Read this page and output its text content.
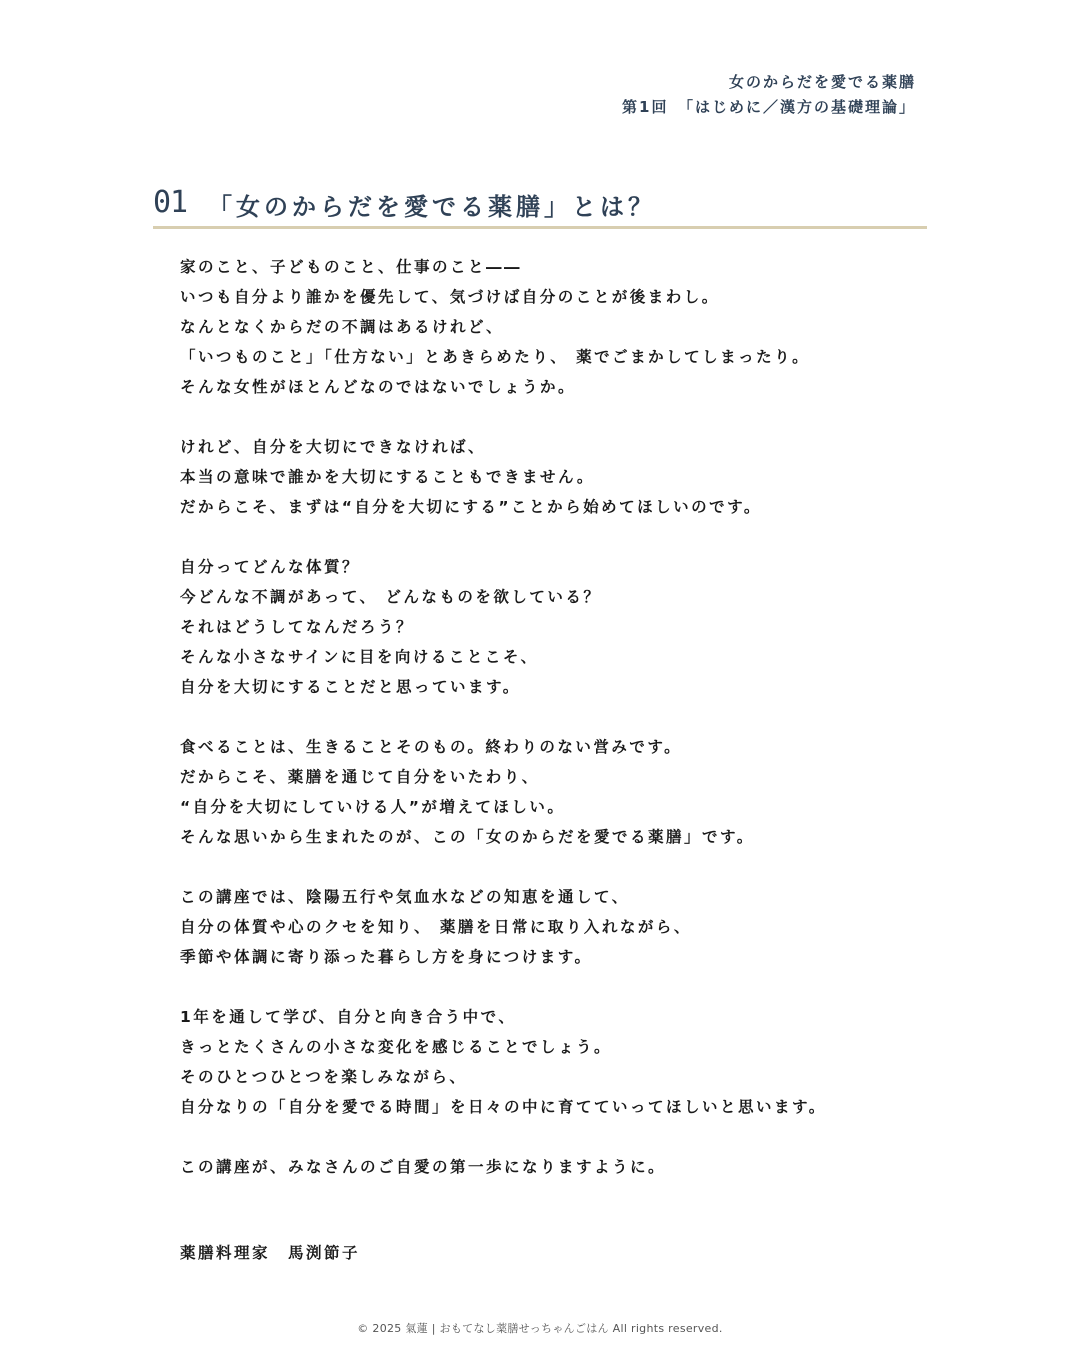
女のからだを愛でる薬膳
第1回　「はじめに／漢方の基礎理論」
01 「女のからだを愛でる薬膳」とは？
家のこと、子どものこと、仕事のこと――
いつも自分より誰かを優先して、気づけば自分のことが後まわし。
なんとなくからだの不調はあるけれど、
「いつものこと」「仕方ない」とあきらめたり、 薬でごまかしてしまったり。
そんな女性がほとんどなのではないでしょうか。
けれど、自分を大切にできなければ、
本当の意味で誰かを大切にすることもできません。
だからこそ、まずは“自分を大切にする”ことから始めてほしいのです。
自分ってどんな体質？
今どんな不調があって、 どんなものを欲している？
それはどうしてなんだろう？
そんな小さなサインに目を向けることこそ、
自分を大切にすることだと思っています。
食べることは、生きることそのもの。終わりのない営みです。
だからこそ、薬膳を通じて自分をいたわり、
“自分を大切にしていける人”が増えてほしい。
そんな思いから生まれたのが、この「女のからだを愛でる薬膳」です。
この講座では、陰陽五行や気血水などの知恵を通して、
自分の体質や心のクセを知り、 薬膳を日常に取り入れながら、
季節や体調に寄り添った暮らし方を身につけます。
1年を通して学び、自分と向き合う中で、
きっとたくさんの小さな変化を感じることでしょう。
そのひとつひとつを楽しみながら、
自分なりの「自分を愛でる時間」を日々の中に育てていってほしいと思います。
この講座が、みなさんのご自愛の第一歩になりますように。
薬膳料理家　 馬渕節子
© 2025 氣蓮 | おもてなし薬膳せっちゃんごはん All rights reserved.
